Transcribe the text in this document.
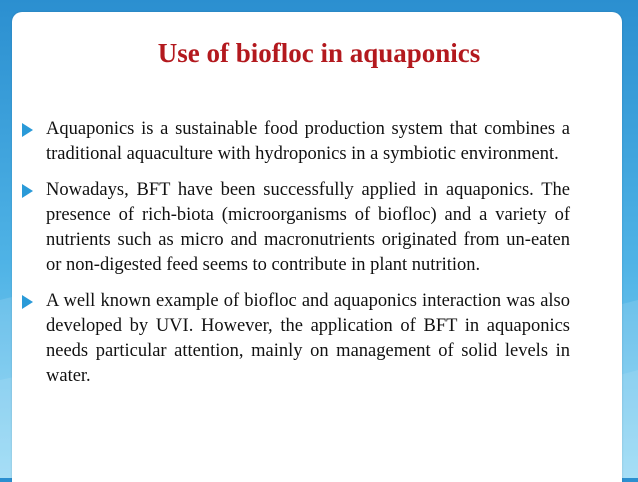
Use of biofloc in aquaponics
Aquaponics is a sustainable food production system that combines a traditional aquaculture with hydroponics in a symbiotic environment.
Nowadays, BFT have been successfully applied in aquaponics. The presence of rich-biota (microorganisms of biofloc) and a variety of nutrients such as micro and macronutrients originated from un-eaten or non-digested feed seems to contribute in plant nutrition.
A well known example of biofloc and aquaponics interaction was also developed by UVI. However, the application of BFT in aquaponics needs particular attention, mainly on management of solid levels in water.
